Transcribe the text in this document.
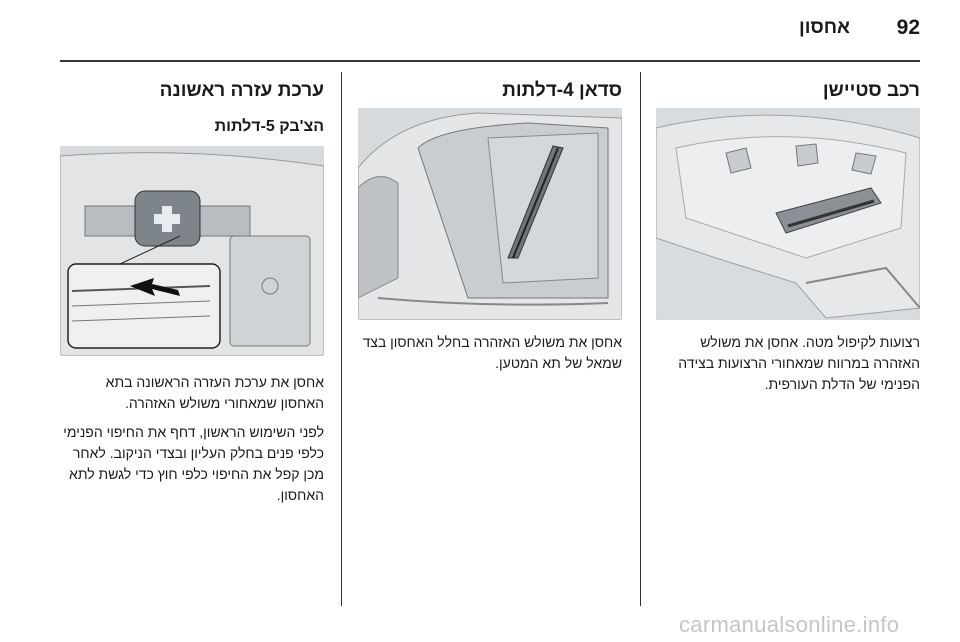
92
אחסון
רכב סטיישן

רצועות לקיפול מטה. אחסן את משולש האזהרה במרווח שמאחורי הרצועות בצידה הפנימי של הדלת העורפית.

סדאן 4-דלתות

אחסן את משולש האזהרה בחלל האחסון בצד שמאל של תא המטען.

ערכת עזרה ראשונה
הצ'בק 5-דלתות

אחסן את ערכת העזרה הראשונה בתא האחסון שמאחורי משולש האזהרה.

לפני השימוש הראשון, דחף את החיפוי הפנימי כלפי פנים בחלק העליון ובצדי הניקוב. לאחר מכן קפל את החיפוי כלפי חוץ כדי לגשת לתא האחסון.

carmanualsonline.info
